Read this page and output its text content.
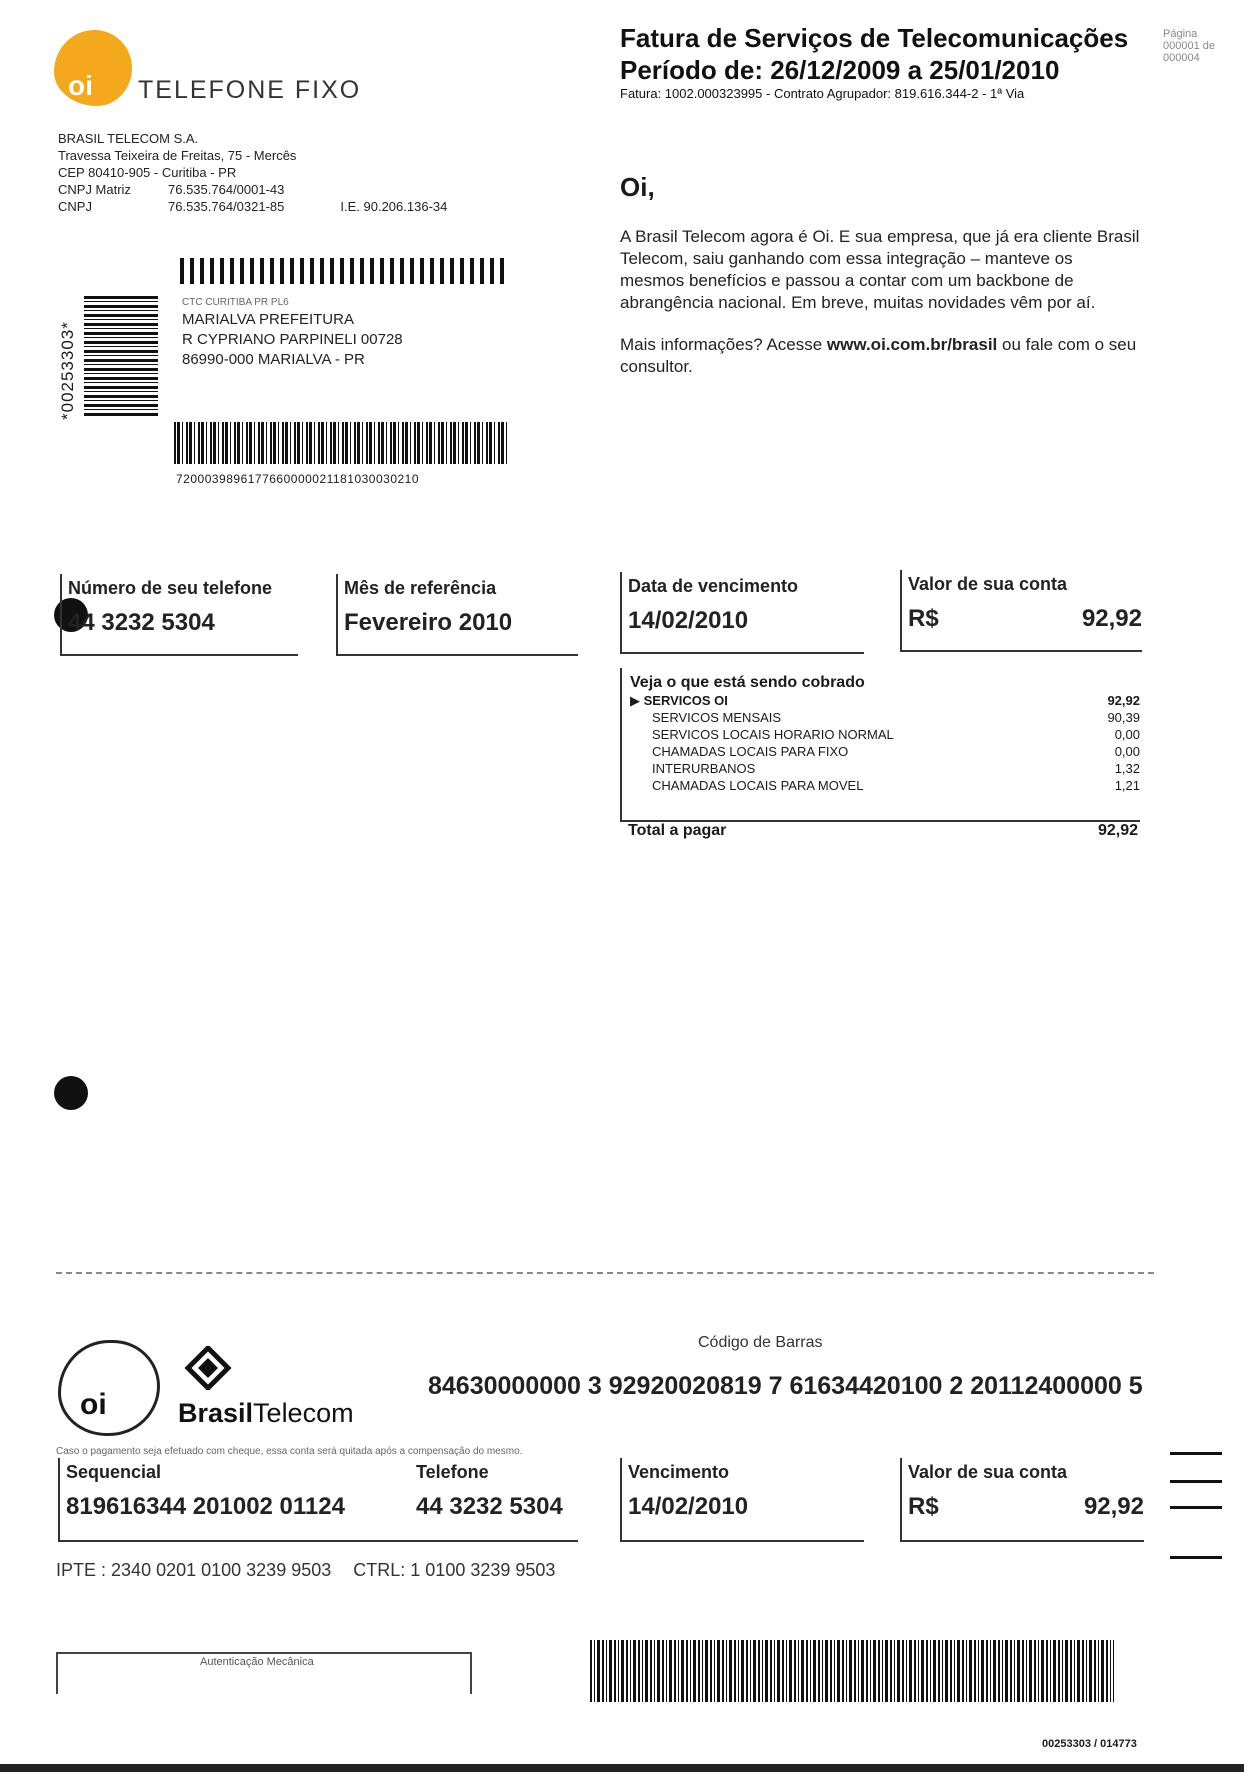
oi TELEFONE FIXO
BRASIL TELECOM S.A.
Travessa Teixeira de Freitas, 75 - Mercês
CEP 80410-905 - Curitiba - PR
CNPJ Matriz	76.535.764/0001-43
CNPJ	76.535.764/0321-85	I.E. 90.206.136-34
Fatura de Serviços de Telecomunicações
Período de: 26/12/2009 a 25/01/2010
Fatura: 1002.000323995 - Contrato Agrupador: 819.616.344-2 - 1ª Via
Página
000001 de
000004
Oi,
A Brasil Telecom agora é Oi. E sua empresa, que já era cliente Brasil Telecom, saiu ganhando com essa integração – manteve os mesmos benefícios e passou a contar com um backbone de abrangência nacional. Em breve, muitas novidades vêm por aí.
Mais informações? Acesse www.oi.com.br/brasil ou fale com o seu consultor.
*00253303*
CTC CURITIBA PR PL6
MARIALVA PREFEITURA
R CYPRIANO PARPINELI 00728
86990-000 MARIALVA - PR
720003989617766000002118103003021​0
Número de seu telefone
44 3232 5304
Mês de referência
Fevereiro 2010
Data de vencimento
14/02/2010
Valor de sua conta
R$	92,92
Veja o que está sendo cobrado
▶ SERVICOS OI	92,92
SERVICOS MENSAIS	90,39
SERVICOS LOCAIS HORARIO NORMAL	0,00
CHAMADAS LOCAIS PARA FIXO	0,00
INTERURBANOS	1,32
CHAMADAS LOCAIS PARA MOVEL	1,21
Total a pagar	92,92
oi	BrasilTelecom
Código de Barras
84630000000 3 92920020819 7 61634420100 2 20112400000 5
Caso o pagamento seja efetuado com cheque, essa conta será quitada após a compensação do mesmo.
Sequencial	Telefone
819616344 201002 01124	44 3232 5304
Vencimento
14/02/2010
Valor de sua conta
R$	92,92
IPTE : 2340 0201 0100 3239 9503 CTRL: 1 0100 3239 9503
Autenticação Mecânica
00253303 / 014773
